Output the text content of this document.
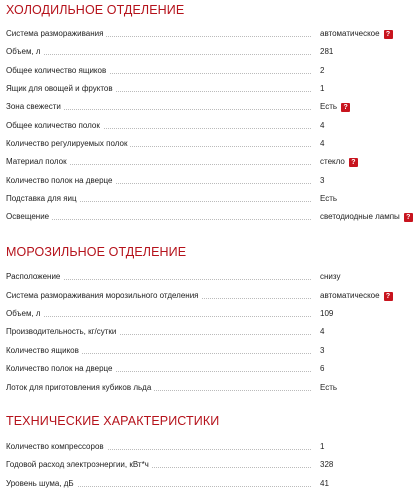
ХОЛОДИЛЬНОЕ ОТДЕЛЕНИЕ
Система размораживания	автоматическое ?
Объем, л	281
Общее количество ящиков	2
Ящик для овощей и фруктов	1
Зона свежести	Есть ?
Общее количество полок	4
Количество регулируемых полок	4
Материал полок	стекло ?
Количество полок на дверце	3
Подставка для яиц	Есть
Освещение	светодиодные лампы ?
МОРОЗИЛЬНОЕ ОТДЕЛЕНИЕ
Расположение	снизу
Система размораживания морозильного отделения	автоматическое ?
Объем, л	109
Производительность, кг/сутки	4
Количество ящиков	3
Количество полок на дверце	6
Лоток для приготовления кубиков льда	Есть
ТЕХНИЧЕСКИЕ ХАРАКТЕРИСТИКИ
Количество компрессоров	1
Годовой расход электроэнергии, кВт*ч	328
Уровень шума, дБ	41
